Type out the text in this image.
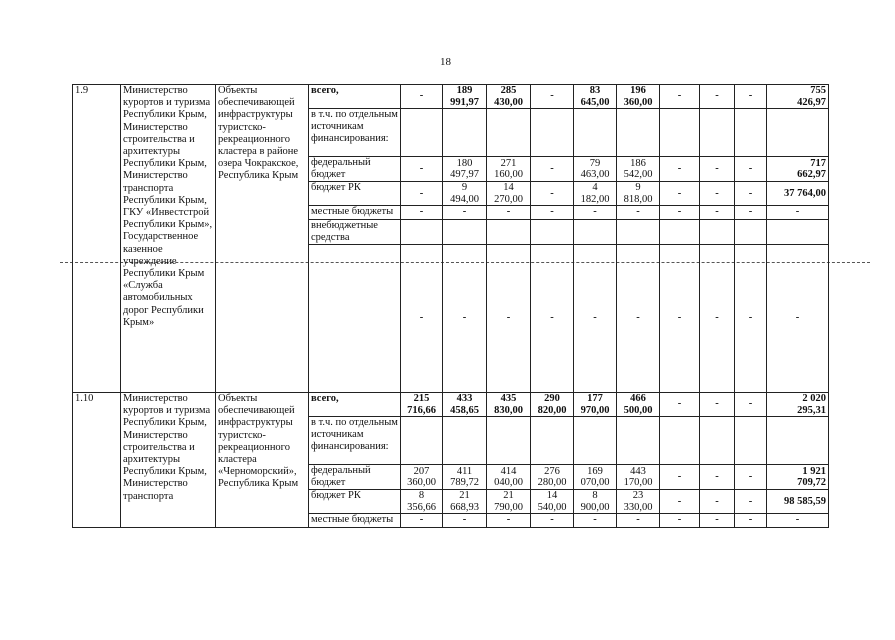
18
1.9	Министерство курортов и туризма Республики Крым, Министерство строительства и архитектуры Республики Крым, Министерство транспорта Республики Крым, ГКУ «Инвестстрой Республики Крым», Государственное казенное учреждение Республики Крым «Служба автомобильных дорог Республики Крым»	Объекты обеспечивающей инфраструктуры туристско-рекреационного кластера в районе озера Чокракское, Республика Крым	всего,	-	189
991,97	285
430,00	-	83
645,00	196
360,00	-	-	-	755
426,97
			в т.ч. по отдельным источникам финансирования:										
			федеральный бюджет	-	180
497,97	271
160,00	-	79
463,00	186
542,00	-	-	-	717
662,97
			бюджет РК	-	9
494,00	14
270,00	-	4
182,00	9
818,00	-	-	-	37 764,00
			местные бюджеты	-	-	-	-	-	-	-	-	-	-
			внебюджетные средства										
				-	-	-	-	-	-	-	-	-	-
1.10	Министерство курортов и туризма Республики Крым, Министерство строительства и архитектуры Республики Крым, Министерство транспорта	Объекты обеспечивающей инфраструктуры туристско-рекреационного кластера «Черноморский», Республика Крым	всего,	215
716,66	433
458,65	435
830,00	290
820,00	177
970,00	466
500,00	-	-	-	2 020
295,31
			в т.ч. по отдельным источникам финансирования:										
			федеральный бюджет	207
360,00	411
789,72	414
040,00	276
280,00	169
070,00	443
170,00	-	-	-	1 921
709,72
			бюджет РК	8
356,66	21
668,93	21
790,00	14
540,00	8
900,00	23
330,00	-	-	-	98 585,59
			местные бюджеты	-	-	-	-	-	-	-	-	-	-
